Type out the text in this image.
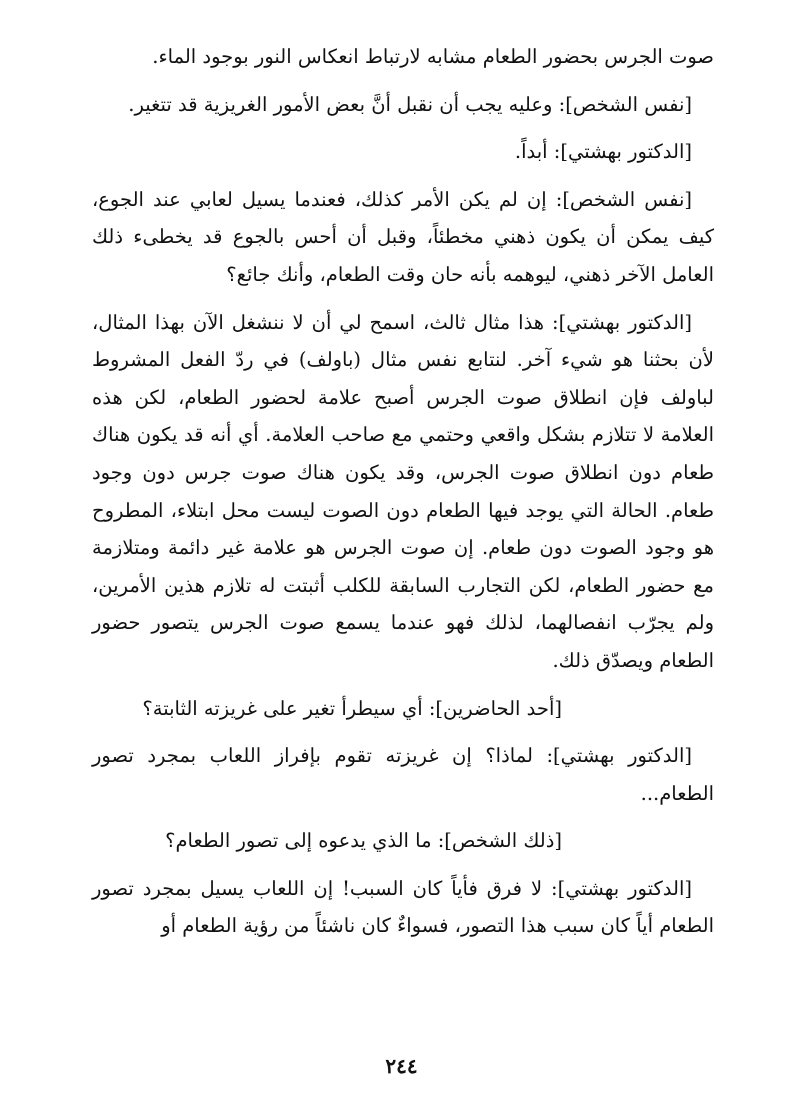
صوت الجرس بحضور الطعام مشابه لارتباط انعكاس النور بوجود الماء.

[نفس الشخص]: وعليه يجب أن نقبل أنَّ بعض الأمور الغريزية قد تتغير.

[الدكتور بهشتي]: أبداً.

[نفس الشخص]: إن لم يكن الأمر كذلك، فعندما يسيل لعابي عند الجوع، كيف يمكن أن يكون ذهني مخطئاً، وقبل أن أحس بالجوع قد يخطىء ذلك العامل الآخر ذهني، ليوهمه بأنه حان وقت الطعام، وأنك جائع؟

[الدكتور بهشتي]: هذا مثال ثالث، اسمح لي أن لا ننشغل الآن بهذا المثال، لأن بحثنا هو شيء آخر. لنتابع نفس مثال (باولف) في ردّ الفعل المشروط لباولف فإن انطلاق صوت الجرس أصبح علامة لحضور الطعام، لكن هذه العلامة لا تتلازم بشكل واقعي وحتمي مع صاحب العلامة. أي أنه قد يكون هناك طعام دون انطلاق صوت الجرس، وقد يكون هناك صوت جرس دون وجود طعام. الحالة التي يوجد فيها الطعام دون الصوت ليست محل ابتلاء، المطروح هو وجود الصوت دون طعام. إن صوت الجرس هو علامة غير دائمة ومتلازمة مع حضور الطعام، لكن التجارب السابقة للكلب أثبتت له تلازم هذين الأمرين، ولم يجرّب انفصالهما، لذلك فهو عندما يسمع صوت الجرس يتصور حضور الطعام ويصدّق ذلك.

[أحد الحاضرين]: أي سيطرأ تغير على غريزته الثابتة؟

[الدكتور بهشتي]: لماذا؟ إن غريزته تقوم بإفراز اللعاب بمجرد تصور الطعام...

[ذلك الشخص]: ما الذي يدعوه إلى تصور الطعام؟

[الدكتور بهشتي]: لا فرق فأياً كان السبب! إن اللعاب يسيل بمجرد تصور الطعام أياً كان سبب هذا التصور، فسواءٌ كان ناشئاً من رؤية الطعام أو

٢٤٤
